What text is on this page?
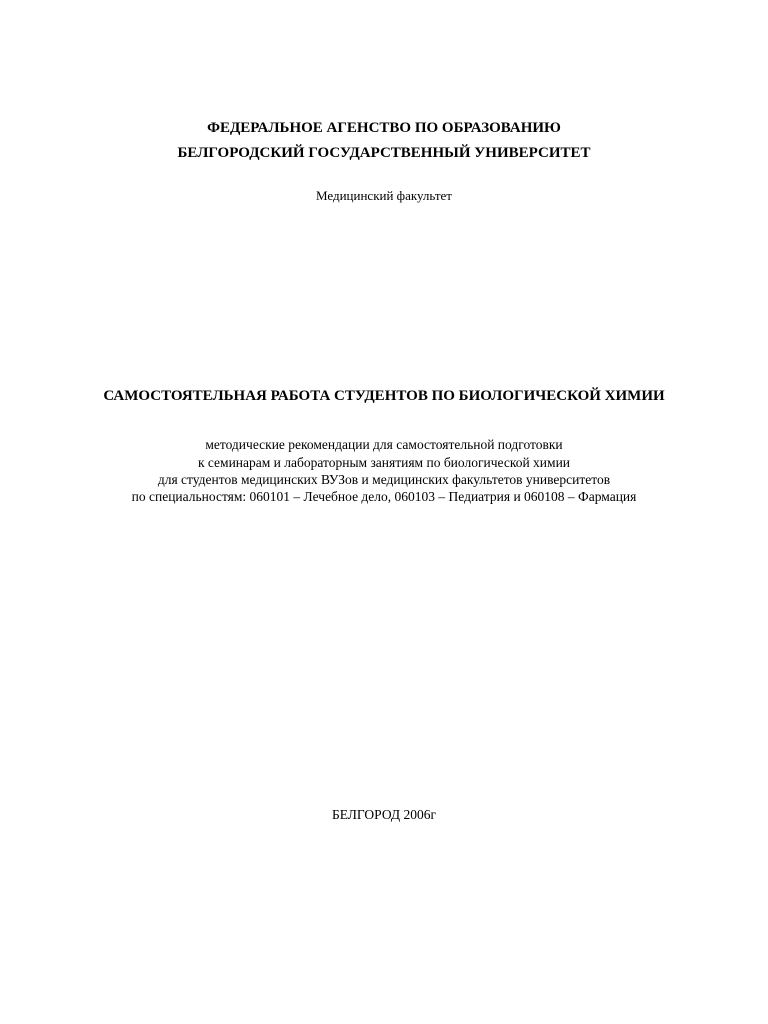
ФЕДЕРАЛЬНОЕ АГЕНСТВО ПО ОБРАЗОВАНИЮ
БЕЛГОРОДСКИЙ ГОСУДАРСТВЕННЫЙ УНИВЕРСИТЕТ
Медицинский факультет
САМОСТОЯТЕЛЬНАЯ РАБОТА СТУДЕНТОВ ПО БИОЛОГИЧЕСКОЙ ХИМИИ
методические рекомендации для самостоятельной подготовки
к семинарам и лабораторным занятиям по биологической химии
для студентов медицинских ВУЗов и медицинских факультетов университетов
по специальностям: 060101 – Лечебное дело, 060103 – Педиатрия и 060108 – Фармация
БЕЛГОРОД 2006г
